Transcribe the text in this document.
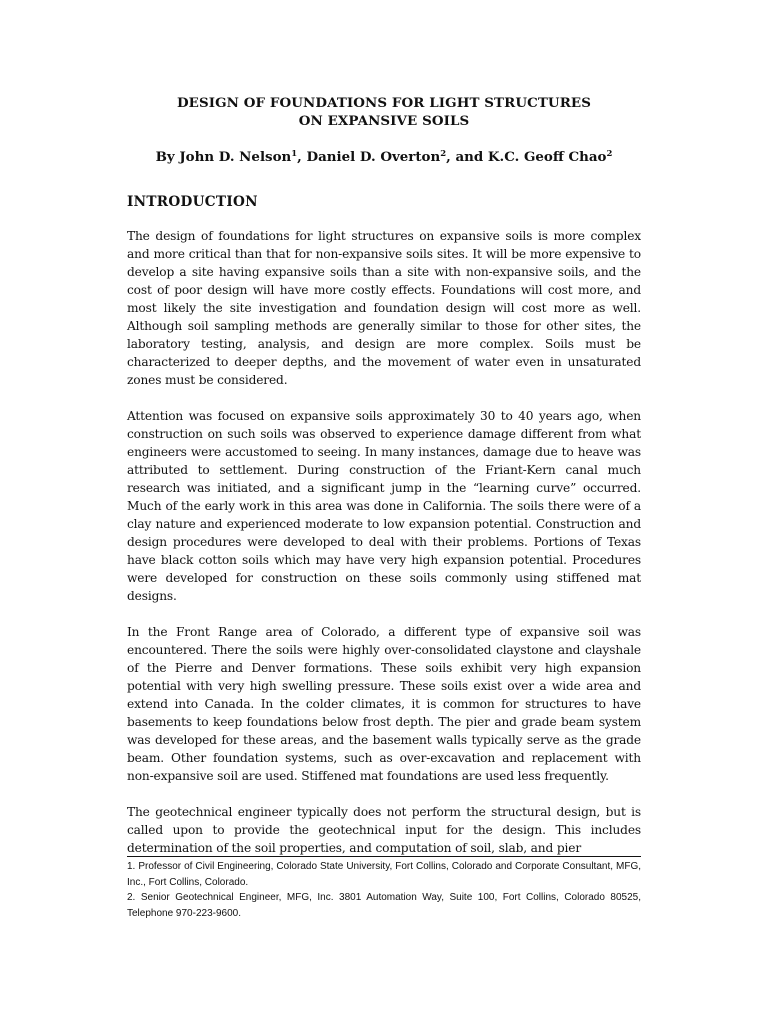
DESIGN OF FOUNDATIONS FOR LIGHT STRUCTURES
ON EXPANSIVE SOILS

By John D. Nelson$^1$, Daniel D. Overton$^2$, and K.C. Geoff Chao$^2$

INTRODUCTION

The design of foundations for light structures on expansive soils is more complex and more critical than that for non-expansive soils sites. It will be more expensive to develop a site having expansive soils than a site with non-expansive soils, and the cost of poor design will have more costly effects. Foundations will cost more, and most likely the site investigation and foundation design will cost more as well. Although soil sampling methods are generally similar to those for other sites, the laboratory testing, analysis, and design are more complex. Soils must be characterized to deeper depths, and the movement of water even in unsaturated zones must be considered.

Attention was focused on expansive soils approximately 30 to 40 years ago, when construction on such soils was observed to experience damage different from what engineers were accustomed to seeing. In many instances, damage due to heave was attributed to settlement. During construction of the Friant-Kern canal much research was initiated, and a significant jump in the “learning curve” occurred. Much of the early work in this area was done in California. The soils there were of a clay nature and experienced moderate to low expansion potential. Construction and design procedures were developed to deal with their problems. Portions of Texas have black cotton soils which may have very high expansion potential. Procedures were developed for construction on these soils commonly using stiffened mat designs.

In the Front Range area of Colorado, a different type of expansive soil was encountered. There the soils were highly over-consolidated claystone and clayshale of the Pierre and Denver formations. These soils exhibit very high expansion potential with very high swelling pressure. These soils exist over a wide area and extend into Canada. In the colder climates, it is common for structures to have basements to keep foundations below frost depth. The pier and grade beam system was developed for these areas, and the basement walls typically serve as the grade beam. Other foundation systems, such as over-excavation and replacement with non-expansive soil are used. Stiffened mat foundations are used less frequently.

The geotechnical engineer typically does not perform the structural design, but is called upon to provide the geotechnical input for the design. This includes determination of the soil properties, and computation of soil, slab, and pier

1. Professor of Civil Engineering, Colorado State University, Fort Collins, Colorado and Corporate Consultant, MFG, Inc., Fort Collins, Colorado.

2. Senior Geotechnical Engineer, MFG, Inc. 3801 Automation Way, Suite 100, Fort Collins, Colorado 80525, Telephone 970-223-9600.
